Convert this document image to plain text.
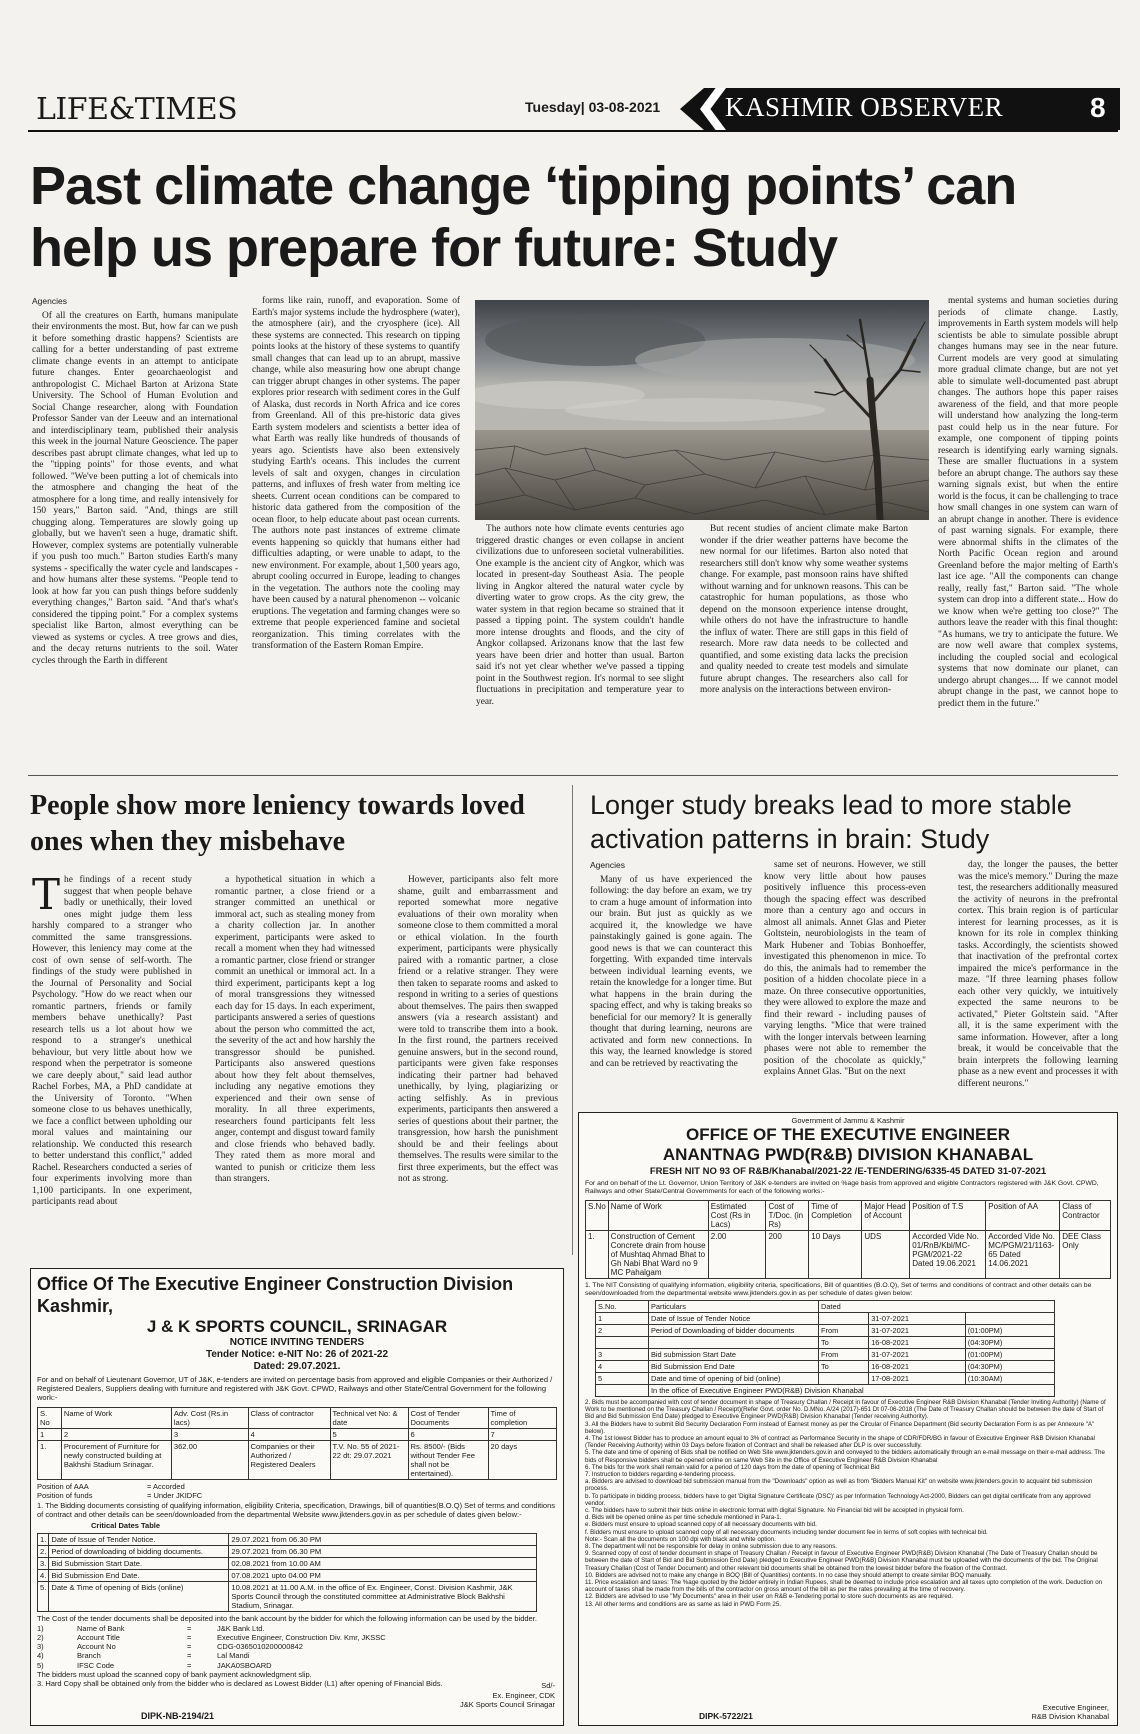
LIFE&TIMES	Tuesday| 03-08-2021 KASHMIR OBSERVER	8
Past climate change ‘tipping points’ can
help us prepare for future: Study
Agencies

Of all the creatures on Earth, humans manipulate their environments the most. But, how far can we push it before something drastic happens? Scientists are calling for a better understanding of past extreme climate change events in an attempt to anticipate future changes. Enter geoarchaeologist and anthropologist C. Michael Barton at Arizona State University. The School of Human Evolution and Social Change researcher, along with Foundation Professor Sander van der Leeuw and an international and interdisciplinary team, published their analysis this week in the journal Nature Geoscience. The paper describes past abrupt climate changes, what led up to the "tipping points" for those events, and what followed. "We've been putting a lot of chemicals into the atmosphere and changing the heat of the atmosphere for a long time, and really intensively for 150 years," Barton said. "And, things are still chugging along. Temperatures are slowly going up globally, but we haven't seen a huge, dramatic shift. However, complex systems are potentially vulnerable if you push too much." Barton studies Earth's many systems - specifically the water cycle and landscapes - and how humans alter these systems. "People tend to look at how far you can push things before suddenly everything changes," Barton said. "And that's what's considered the tipping point." For a complex systems specialist like Barton, almost everything can be viewed as systems or cycles. A tree grows and dies, and the decay returns nutrients to the soil. Water cycles through the Earth in different

forms like rain, runoff, and evaporation. Some of Earth's major systems include the hydrosphere (water), the atmosphere (air), and the cryosphere (ice). All these systems are connected. This research on tipping points looks at the history of these systems to quantify small changes that can lead up to an abrupt, massive change, while also measuring how one abrupt change can trigger abrupt changes in other systems. The paper explores prior research with sediment cores in the Gulf of Alaska, dust records in North Africa and ice cores from Greenland. All of this pre-historic data gives Earth system modelers and scientists a better idea of what Earth was really like hundreds of thousands of years ago. Scientists have also been extensively studying Earth's oceans. This includes the current levels of salt and oxygen, changes in circulation patterns, and influxes of fresh water from melting ice sheets. Current ocean conditions can be compared to historic data gathered from the composition of the ocean floor, to help educate about past ocean currents. The authors note past instances of extreme climate events happening so quickly that humans either had difficulties adapting, or were unable to adapt, to the new environment. For example, about 1,500 years ago, abrupt cooling occurred in Europe, leading to changes in the vegetation. The authors note the cooling may have been caused by a natural phenomenon -- volcanic eruptions. The vegetation and farming changes were so extreme that people experienced famine and societal reorganization. This timing correlates with the transformation of the Eastern Roman Empire.

The authors note how climate events centuries ago triggered drastic changes or even collapse in ancient civilizations due to unforeseen societal vulnerabilities. One example is the ancient city of Angkor, which was located in present-day Southeast Asia. The people living in Angkor altered the natural water cycle by diverting water to grow crops. As the city grew, the water system in that region became so strained that it passed a tipping point. The system couldn't handle more intense droughts and floods, and the city of Angkor collapsed. Arizonans know that the last few years have been drier and hotter than usual. Barton said it's not yet clear whether we've passed a tipping point in the Southwest region. It's normal to see slight fluctuations in precipitation and temperature year to year.

But recent studies of ancient climate make Barton wonder if the drier weather patterns have become the new normal for our lifetimes. Barton also noted that researchers still don't know why some weather systems change. For example, past monsoon rains have shifted without warning and for unknown reasons. This can be catastrophic for human populations, as those who depend on the monsoon experience intense drought, while others do not have the infrastructure to handle the influx of water. There are still gaps in this field of research. More raw data needs to be collected and quantified, and some existing data lacks the precision and quality needed to create test models and simulate future abrupt changes. The researchers also call for more analysis on the interactions between environ-

mental systems and human societies during periods of climate change. Lastly, improvements in Earth system models will help scientists be able to simulate possible abrupt changes humans may see in the near future. Current models are very good at simulating more gradual climate change, but are not yet able to simulate well-documented past abrupt changes. The authors hope this paper raises awareness of the field, and that more people will understand how analyzing the long-term past could help us in the near future. For example, one component of tipping points research is identifying early warning signals. These are smaller fluctuations in a system before an abrupt change. The authors say these warning signals exist, but when the entire world is the focus, it can be challenging to trace how small changes in one system can warn of an abrupt change in another. There is evidence of past warning signals. For example, there were abnormal shifts in the climates of the North Pacific Ocean region and around Greenland before the major melting of Earth's last ice age. "All the components can change really, really fast," Barton said. "The whole system can drop into a different state... How do we know when we're getting too close?" The authors leave the reader with this final thought: "As humans, we try to anticipate the future. We are now well aware that complex systems, including the coupled social and ecological systems that now dominate our planet, can undergo abrupt changes.... If we cannot model abrupt change in the past, we cannot hope to predict them in the future."

People show more leniency towards loved ones when they misbehave
T he findings of a recent study suggest that when people behave badly or unethically, their loved ones might judge them less harshly compared to a stranger who committed the same transgressions. However, this leniency may come at the cost of own sense of self-worth. The findings of the study were published in the Journal of Personality and Social Psychology. "How do we react when our romantic partners, friends or family members behave unethically? Past research tells us a lot about how we respond to a stranger's unethical behaviour, but very little about how we respond when the perpetrator is someone we care deeply about," said lead author Rachel Forbes, MA, a PhD candidate at the University of Toronto. "When someone close to us behaves unethically, we face a conflict between upholding our moral values and maintaining our relationship. We conducted this research to better understand this conflict," added Rachel. Researchers conducted a series of four experiments involving more than 1,100 participants. In one experiment, participants read about

a hypothetical situation in which a romantic partner, a close friend or a stranger committed an unethical or immoral act, such as stealing money from a charity collection jar. In another experiment, participants were asked to recall a moment when they had witnessed a romantic partner, close friend or stranger commit an unethical or immoral act. In a third experiment, participants kept a log of moral transgressions they witnessed each day for 15 days. In each experiment, participants answered a series of questions about the person who committed the act, the severity of the act and how harshly the transgressor should be punished. Participants also answered questions about how they felt about themselves, including any negative emotions they experienced and their own sense of morality. In all three experiments, researchers found participants felt less anger, contempt and disgust toward family and close friends who behaved badly. They rated them as more moral and wanted to punish or criticize them less than strangers.

However, participants also felt more shame, guilt and embarrassment and reported somewhat more negative evaluations of their own morality when someone close to them committed a moral or ethical violation. In the fourth experiment, participants were physically paired with a romantic partner, a close friend or a relative stranger. They were then taken to separate rooms and asked to respond in writing to a series of questions about themselves. The pairs then swapped answers (via a research assistant) and were told to transcribe them into a book. In the first round, the partners received genuine answers, but in the second round, participants were given fake responses indicating their partner had behaved unethically, by lying, plagiarizing or acting selfishly. As in previous experiments, participants then answered a series of questions about their partner, the transgression, how harsh the punishment should be and their feelings about themselves. The results were similar to the first three experiments, but the effect was not as strong.

Longer study breaks lead to more stable
activation patterns in brain: Study
Agencies

Many of us have experienced the following: the day before an exam, we try to cram a huge amount of information into our brain. But just as quickly as we acquired it, the knowledge we have painstakingly gained is gone again. The good news is that we can counteract this forgetting. With expanded time intervals between individual learning events, we retain the knowledge for a longer time. But what happens in the brain during the spacing effect, and why is taking breaks so beneficial for our memory? It is generally thought that during learning, neurons are activated and form new connections. In this way, the learned knowledge is stored and can be retrieved by reactivating the

same set of neurons. However, we still know very little about how pauses positively influence this process-even though the spacing effect was described more than a century ago and occurs in almost all animals. Annet Glas and Pieter Goltstein, neurobiologists in the team of Mark Hubener and Tobias Bonhoeffer, investigated this phenomenon in mice. To do this, the animals had to remember the position of a hidden chocolate piece in a maze. On three consecutive opportunities, they were allowed to explore the maze and find their reward - including pauses of varying lengths. "Mice that were trained with the longer intervals between learning phases were not able to remember the position of the chocolate as quickly," explains Annet Glas. "But on the next

day, the longer the pauses, the better was the mice's memory." During the maze test, the researchers additionally measured the activity of neurons in the prefrontal cortex. This brain region is of particular interest for learning processes, as it is known for its role in complex thinking tasks. Accordingly, the scientists showed that inactivation of the prefrontal cortex impaired the mice's performance in the maze. "If three learning phases follow each other very quickly, we intuitively expected the same neurons to be activated," Pieter Goltstein said. "After all, it is the same experiment with the same information. However, after a long break, it would be conceivable that the brain interprets the following learning phase as a new event and processes it with different neurons."

Office Of The Executive Engineer Construction Division Kashmir,
J & K SPORTS COUNCIL, SRINAGAR
NOTICE INVITING TENDERS
Tender Notice: e-NIT No: 26 of 2021-22
Dated: 29.07.2021.
For and on behalf of Lieutenant Governor, UT of J&K, e-tenders are invited on percentage basis from approved and eligible Companies or their Authorized / Registered Dealers, Suppliers dealing with furniture and registered with J&K Govt. CPWD, Railways and other State/Central Government for the following work:-
S. No	Name of Work	Adv. Cost (Rs.in lacs)	Class of contractor	Technical vet No: & date	Cost of Tender Documents	Time of completion
1	2	3	4	5	6	7
1.	Procurement of Furniture for newly constructed building at Bakhshi Stadium Srinagar.	362.00	Companies or their Authorized / Registered Dealers	T.V. No. 55 of 2021-22 dt: 29.07.2021	Rs. 8500/- (Bids without Tender Fee shall not be entertained).	20 days
Position of AAA	= Accorded
Position of funds	= Under JKIDFC
1. The Bidding documents consisting of qualifying information, eligibility Criteria, specification, Drawings, bill of quantities(B.O.Q) Set of terms and conditions of contract and other details can be seen/downloaded from the departmental Website www.jktenders.gov.in as per schedule of dates given below:-
Critical Dates Table
1.	Date of Issue of Tender Notice.	29.07.2021 from 06.30 PM
2.	Period of downloading of bidding documents.	29.07.2021 from 06.30 PM
3.	Bid Submission Start Date.	02.08.2021 from 10.00 AM
4.	Bid Submission End Date.	07.08.2021 upto 04.00 PM
5.	Date & Time of opening of Bids (online)	10.08.2021 at 11.00 A.M. in the office of Ex. Engineer, Const. Division Kashmir, J&K Sports Council through the constituted committee at Administrative Block Bakhshi Stadium, Srinagar.
The Cost of the tender documents shall be deposited into the bank account by the bidder for which the following information can be used by the bidder.
1)	Name of Bank	=	J&K Bank Ltd.
2)	Account Title	=	Executive Engineer, Construction Div. Kmr, JKSSC
3)	Account No	=	CDG-0365010200000842
4)	Branch	=	Lal Mandi
5)	IFSC Code	=	JAKA0SBOARD
The bidders must upload the scanned copy of bank payment acknowledgment slip.
3. Hard Copy shall be obtained only from the bidder who is declared as Lowest Bidder (L1) after opening of Financial Bids.	Sd/-
Ex. Engineer, CDK
J&K Sports Council Srinagar
DIPK-NB-2194/21
Government of Jammu & Kashmir
OFFICE OF THE EXECUTIVE ENGINEER
ANANTNAG PWD(R&B) DIVISION KHANABAL
FRESH NIT NO 93 OF R&B/Khanabal/2021-22 /E-TENDERING/6335-45 DATED 31-07-2021
For and on behalf of the Lt. Governor, Union Territory of J&K e-tenders are invited on %age basis from approved and eligible Contractors registered with J&K Govt. CPWD, Railways and other State/Central Governments for each of the following works:-
S.No	Name of Work	Estimated Cost (Rs in Lacs)	Cost of T/Doc. (in Rs)	Time of Completion	Major Head of Account	Position of T.S	Position of AA	Class of Contractor
1.	Construction of Cement Concrete drain from house of Mushtaq Ahmad Bhat to Gh Nabi Bhat Ward no 9 MC Pahalgam	2.00	200	10 Days	UDS	Accorded Vide No. 01/RnB/Kbl/MC-PGM/2021-22 Dated 19.06.2021	Accorded Vide No. MC/PGM/21/1163-65 Dated 14.06.2021	DEE Class Only
1. The NIT Consisting of qualifying information, eligibility criteria, specifications, Bill of quantities (B.O.Q), Set of terms and conditions of contract and other details can be seen/downloaded from the departmental website www.jktenders.gov.in as per schedule of dates given below:
S.No.	Particulars	Dated		
1	Date of Issue of Tender Notice		31-07-2021	
2	Period of Downloading of bidder documents	From	31-07-2021	(01:00PM)
		To	16-08-2021	(04:30PM)
3	Bid submission Start Date	From	31-07-2021	(01:00PM)
4	Bid Submission End Date	To	16-08-2021	(04:30PM)
5	Date and time of opening of bid (online)		17-08-2021	(10:30AM)
	In the office of Executive Engineer PWD(R&B) Division Khanabal			
2. Bids must be accompanied with cost of tender document in shape of Treasury Challan / Receipt in favour of Executive Engineer R&B Division Khanabal (Tender Inviting Authority) (Name of Work to be mentioned on the Treasury Challan / Receipt)(Refer Govt. order No. D.MNo. A/24 (2017)-651 Dt 07-06-2018 (The Date of Treasury Challan should be between the date of Start of Bid and Bid Submission End Date) pledged to Executive Engineer PWD(R&B) Division Khanabal (Tender receiving Authority).
3. All the Bidders have to submit Bid Security Declaration Form instead of Earnest money as per the Circular of Finance Department (Bid security Declaration Form is as per Annexure "A" below).
4. The 1st lowest Bidder has to produce an amount equal to 3% of contract as Performance Security in the shape of CDR/FDR/BG in favour of Executive Engineer R&B Division Khanabal (Tender Receiving Authority) within 03 Days before fixation of Contract and shall be released after DLP is over successfully.
5. The date and time of opening of Bids shall be notified on Web Site www.jktenders.gov.in and conveyed to the bidders automatically through an e-mail message on their e-mail address. The bids of Responsive bidders shall be opened online on same Web Site in the Office of Executive Engineer R&B Division Khanabal
6. The bids for the work shall remain valid for a period of 120 days from the date of opening of Technical Bid
7. Instruction to bidders regarding e-tendering process.
a. Bidders are advised to download bid submission manual from the "Downloads" option as well as from "Bidders Manual Kit" on website www.jktenders.gov.in to acquaint bid submission process.
b. To participate in bidding process, bidders have to get 'Digital Signature Certificate (DSC)' as per Information Technology Act-2000. Bidders can get digital certificate from any approved vendor.
c. The bidders have to submit their bids online in electronic format with digital Signature. No Financial bid will be accepted in physical form.
d. Bids will be opened online as per time schedule mentioned in Para-1.
e. Bidders must ensure to upload scanned copy of all necessary documents with bid.
f. Bidders must ensure to upload scanned copy of all necessary documents including tender document fee in terms of soft copies with technical bid.
Note:- Scan all the documents on 100 dpi with black and white option.
8. The department will not be responsible for delay in online submission due to any reasons.
9. Scanned copy of cost of tender document in shape of Treasury Challan / Receipt in favour of Executive Engineer PWD(R&B) Division Khanabal (The Date of Treasury Challan should be between the date of Start of Bid and Bid Submission End Date) pledged to Executive Engineer PWD(R&B) Division Khanabal must be uploaded with the documents of the bid. The Original Treasury Challan (Cost of Tender Document) and other relevant bid documents shall be obtained from the lowest bidder before the fixation of the Contract.
10. Bidders are advised not to make any change in BOQ (Bill of Quantities) contents. In no case they should attempt to create similar BOQ manually.
11. Price escalation and taxes: The %age quoted by the bidder entirely in Indian Rupees, shall be deemed to include price escalation and all taxes upto completion of the work. Deduction on account of taxes shall be made from the bills of the contractor on gross amount of the bill as per the rates prevailing at the time of recovery.
12. Bidders are advised to use "My Documents" area in their user on R&B e-Tendering portal to store such documents as are required.
13. All other terms and conditions are as same as laid in PWD Form 25.
DIPK-5722/21
Executive Engineer,
R&B Division Khanabal
